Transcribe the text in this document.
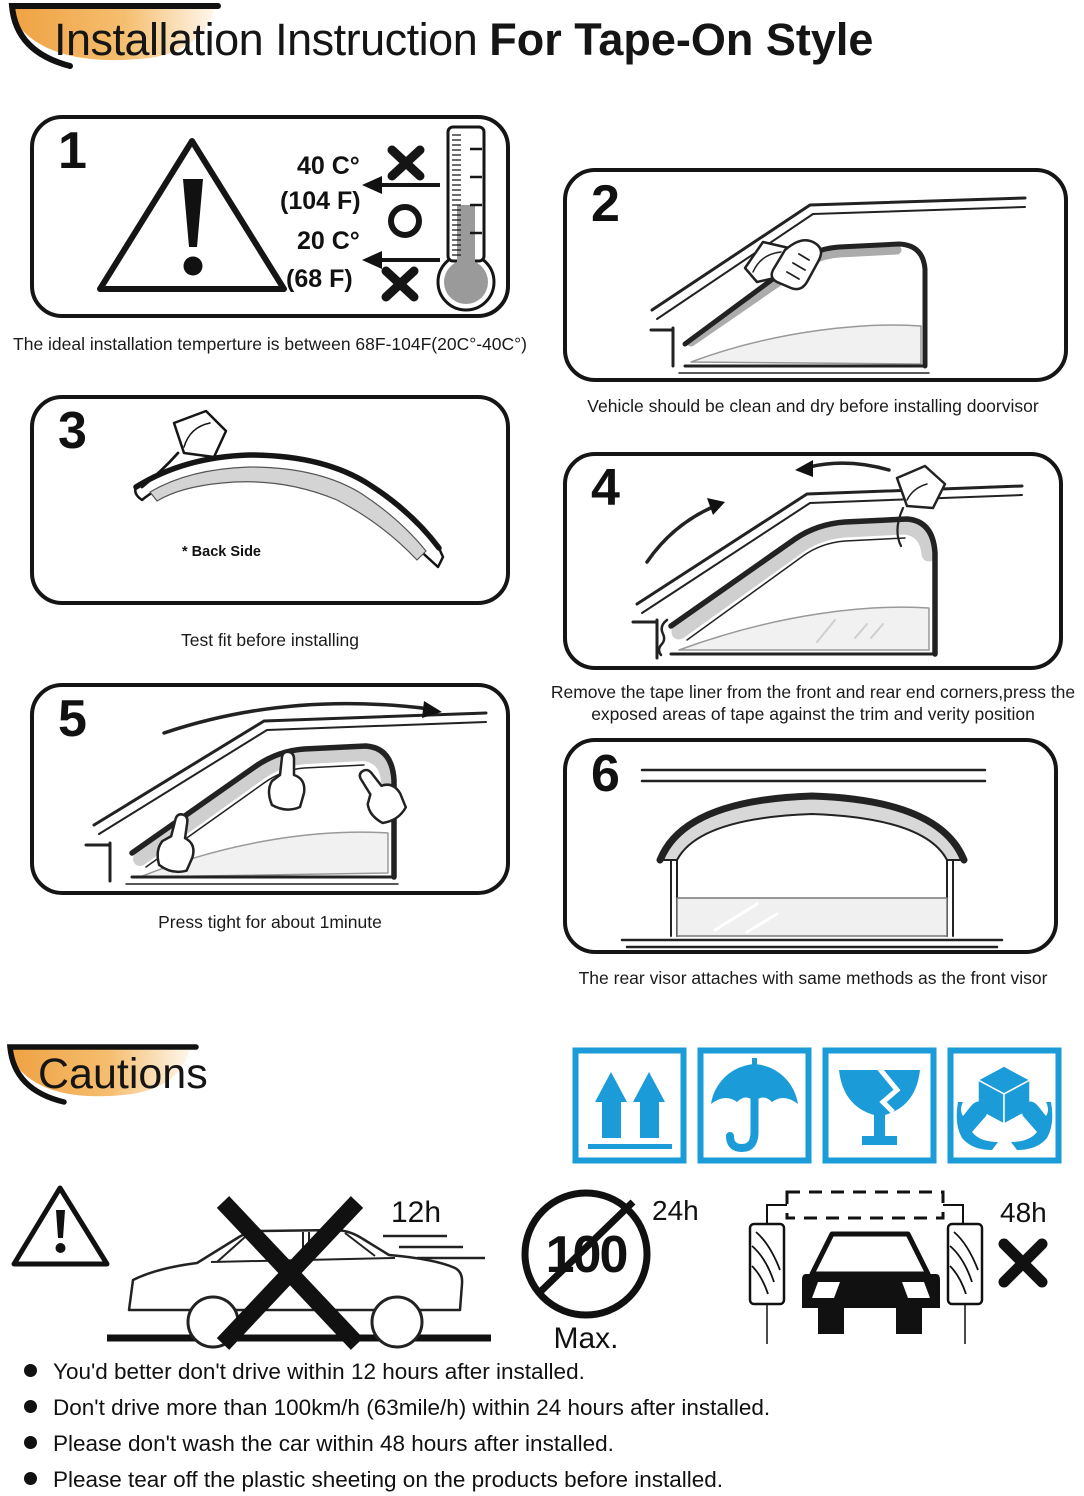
Installation Instruction For Tape-On Style
40 C°
(104 F)
20 C°
(68 F)
1
The ideal installation temperture is between 68F-104F(20C°-40C°)
2
Vehicle should be clean and dry before installing doorvisor
* Back Side
3
Test fit before installing
4
Remove the tape liner from the front and rear end corners,press the exposed areas of tape against the trim and verity position
5
Press tight for about 1minute
6
The rear visor attaches with same methods as the front visor
Cautions
12h
100
24h
Max.
48h
You'd better don't drive within 12 hours after installed.
Don't drive more than 100km/h (63mile/h) within 24 hours after installed.
Please don't wash the car within 48 hours after installed.
Please tear off the plastic sheeting on the products before installed.
